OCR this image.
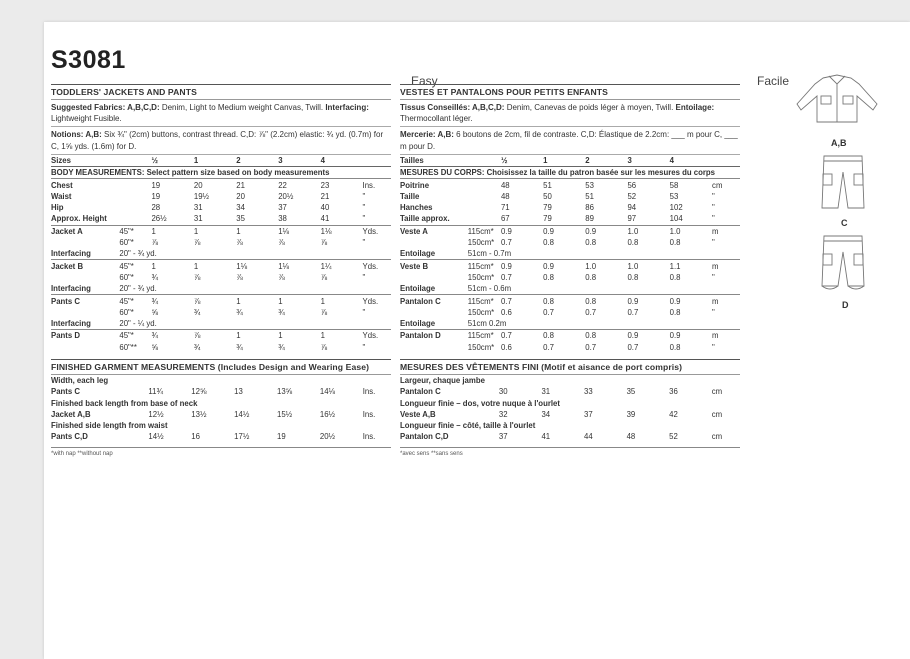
S3081
Easy	Facile
TODDLERS' JACKETS AND PANTS
Suggested Fabrics: A,B,C,D: Denim, Light to Medium weight Canvas, Twill. Interfacing: Lightweight Fusible.
Notions: A,B: Six ¾" (2cm) buttons, contrast thread. C,D: ⅞" (2.2cm) elastic: ¾ yd. (0.7m) for C, 1⅝ yds. (1.6m) for D.
Sizes		½	1	2	3	4	
BODY MEASUREMENTS: Select pattern size based on body measurements							
Chest		19	20	21	22	23	Ins.
Waist		19	19½	20	20½	21	"
Hip		28	31	34	37	40	"
Approx. Height		26½	31	35	38	41	"
Jacket A	45"*	1	1	1	1⅛	1⅛	Yds.
	60"*	⅞	⅞	⅞	⅞	⅞	"
Interfacing	20" - ¾ yd.						
Jacket B	45"*	1	1	1⅛	1⅛	1¼	Yds.
	60"*	¾	⅞	⅞	⅞	⅞	"
Interfacing	20" - ¾ yd.						
Pants C	45"*	¾	⅞	1	1	1	Yds.
	60"*	⅝	¾	¾	¾	⅞	"
Interfacing	20" - ¼ yd.						
Pants D	45"*	¾	⅞	1	1	1	Yds.
	60"**	⅝	¾	¾	¾	⅞	"
FINISHED GARMENT MEASUREMENTS (Includes Design and Wearing Ease)
Width, each leg							
Pants C		11¾	12⅝	13	13⅝	14⅛	Ins.
Finished back length from base of neck							
Jacket A,B		12½	13½	14½	15½	16½	Ins.
Finished side length from waist							
Pants C,D		14½	16	17½	19	20½	Ins.
*with nap **without nap
VESTES ET PANTALONS POUR PETITS ENFANTS
Tissus Conseillés: A,B,C,D: Denim, Canevas de poids léger à moyen, Twill. Entoilage: Thermocollant léger.
Mercerie: A,B: 6 boutons de 2cm, fil de contraste. C,D: Élastique de 2.2cm: ___ m pour C, ___ m pour D.
Tailles		½	1	2	3	4	
MESURES DU CORPS: Choisissez la taille du patron basée sur les mesures du corps							
Poitrine		48	51	53	56	58	cm
Taille		48	50	51	52	53	"
Hanches		71	79	86	94	102	"
Taille approx.		67	79	89	97	104	"
Veste A	115cm*	0.9	0.9	0.9	1.0	1.0	m
	150cm*	0.7	0.8	0.8	0.8	0.8	"
Entoilage	51cm - 0.7m						
Veste B	115cm*	0.9	0.9	1.0	1.0	1.1	m
	150cm*	0.7	0.8	0.8	0.8	0.8	"
Entoilage	51cm - 0.6m						
Pantalon C	115cm*	0.7	0.8	0.8	0.9	0.9	m
	150cm*	0.6	0.7	0.7	0.7	0.8	"
Entoilage	51cm 0.2m						
Pantalon D	115cm*	0.7	0.8	0.8	0.9	0.9	m
	150cm*	0.6	0.7	0.7	0.7	0.8	"
MESURES DES VÊTEMENTS FINI (Motif et aisance de port compris)
Largeur, chaque jambe							
Pantalon C		30	31	33	35	36	cm
Longueur finie – dos, votre nuque à l'ourlet							
Veste A,B		32	34	37	39	42	cm
Longueur finie – côté, taille à l'ourlet							
Pantalon C,D		37	41	44	48	52	cm
*avec sens **sans sens
A,B
C
D
